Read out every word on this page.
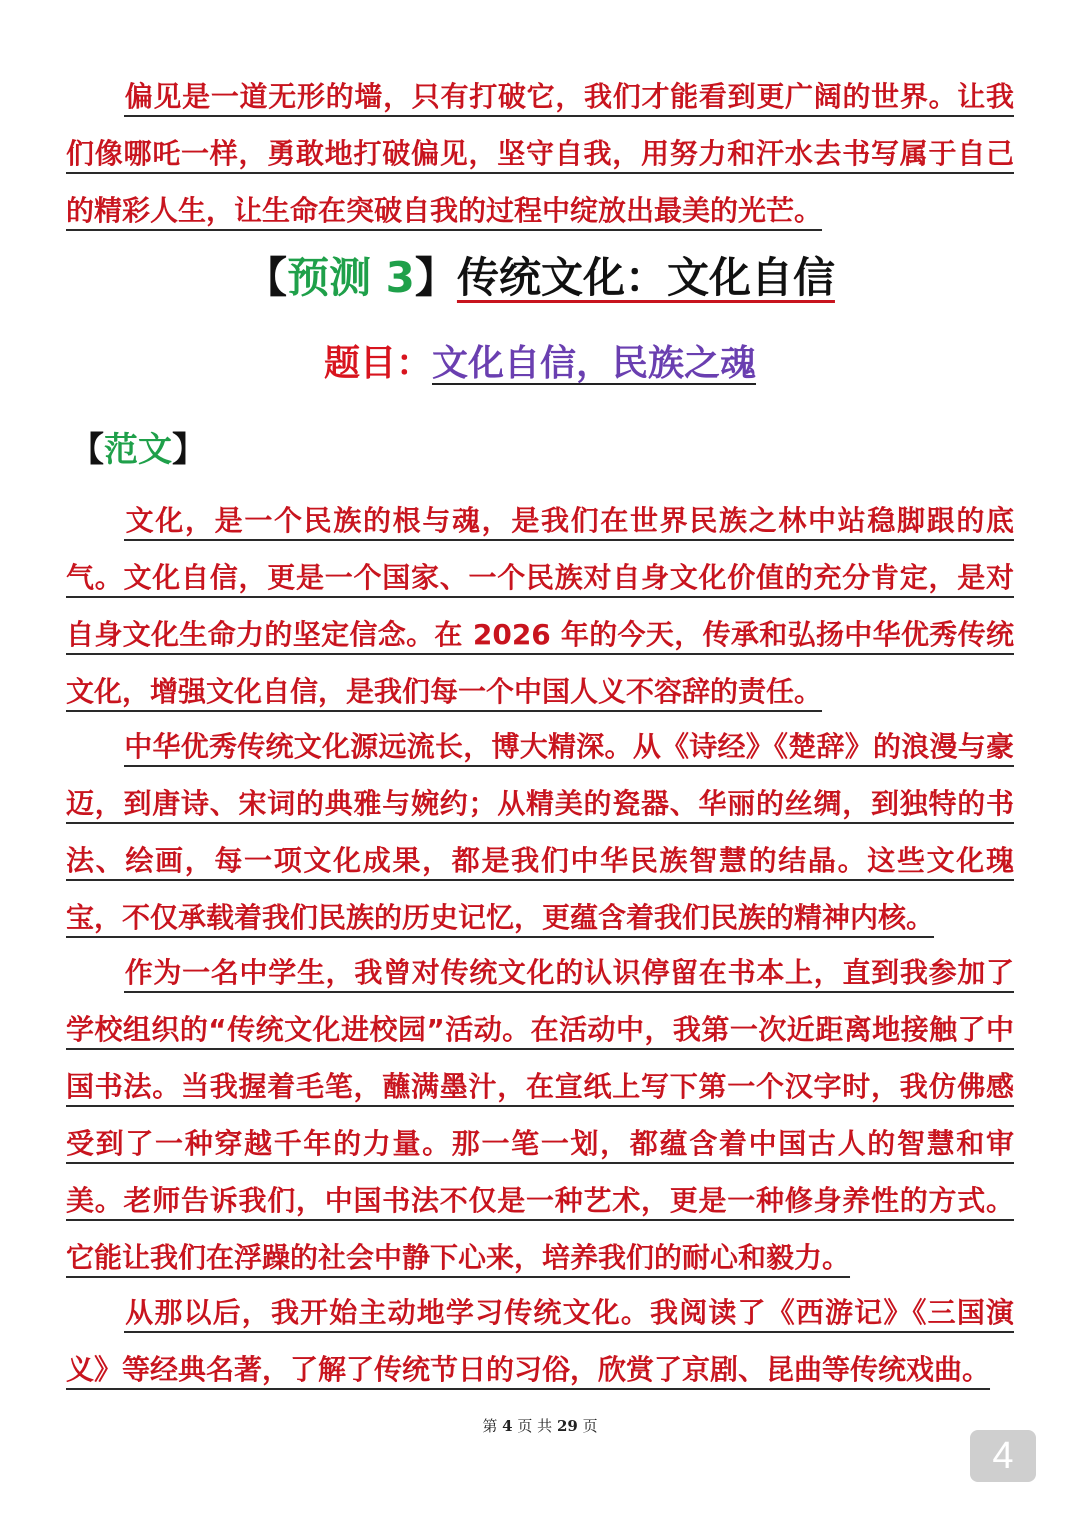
偏见是一道无形的墙，只有打破它，我们才能看到更广阔的世界。让我们像哪吒一样，勇敢地打破偏见，坚守自我，用努力和汗水去书写属于自己的精彩人生，让生命在突破自我的过程中绽放出最美的光芒。

【预测 3】传统文化：文化自信
题目：文化自信，民族之魂

【范文】

文化，是一个民族的根与魂，是我们在世界民族之林中站稳脚跟的底气。文化自信，更是一个国家、一个民族对自身文化价值的充分肯定，是对自身文化生命力的坚定信念。在 2026 年的今天，传承和弘扬中华优秀传统文化，增强文化自信，是我们每一个中国人义不容辞的责任。

中华优秀传统文化源远流长，博大精深。从《诗经》《楚辞》的浪漫与豪迈，到唐诗、宋词的典雅与婉约；从精美的瓷器、华丽的丝绸，到独特的书法、绘画，每一项文化成果，都是我们中华民族智慧的结晶。这些文化瑰宝，不仅承载着我们民族的历史记忆，更蕴含着我们民族的精神内核。

作为一名中学生，我曾对传统文化的认识停留在书本上，直到我参加了学校组织的“传统文化进校园”活动。在活动中，我第一次近距离地接触了中国书法。当我握着毛笔，蘸满墨汁，在宣纸上写下第一个汉字时，我仿佛感受到了一种穿越千年的力量。那一笔一划，都蕴含着中国古人的智慧和审美。老师告诉我们，中国书法不仅是一种艺术，更是一种修身养性的方式。它能让我们在浮躁的社会中静下心来，培养我们的耐心和毅力。

从那以后，我开始主动地学习传统文化。我阅读了《西游记》《三国演义》等经典名著，了解了传统节日的习俗，欣赏了京剧、昆曲等传统戏曲。

第 4 页 共 29 页
4
